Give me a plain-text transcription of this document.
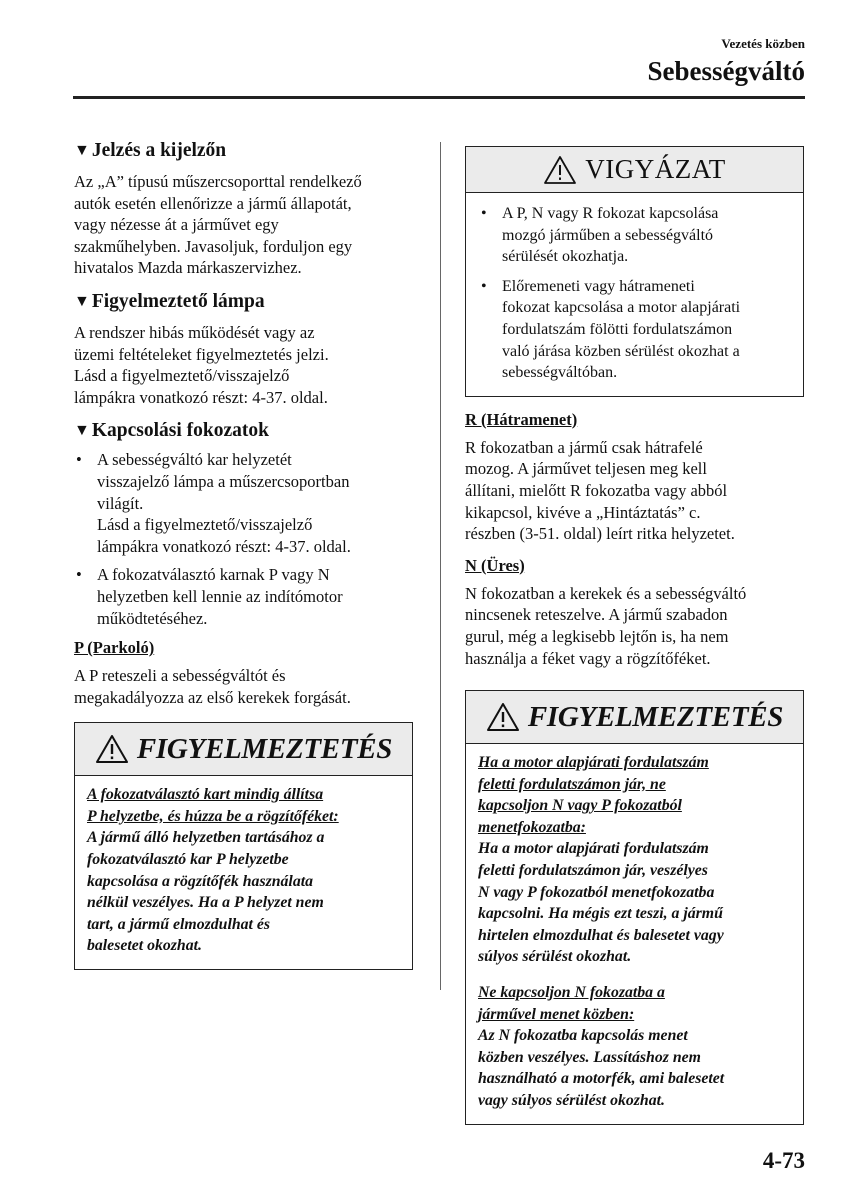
Vezetés közben
Sebességváltó
▼ Jelzés a kijelzőn
Az „A” típusú műszercsoporttal rendelkező
autók esetén ellenőrizze a jármű állapotát,
vagy nézesse át a járművet egy
szakműhelyben. Javasoljuk, forduljon egy
hivatalos Mazda márkaszervizhez.
▼ Figyelmeztető lámpa
A rendszer hibás működését vagy az
üzemi feltételeket figyelmeztetés jelzi.
Lásd a figyelmeztető/visszajelző
lámpákra vonatkozó részt: 4-37. oldal.
▼ Kapcsolási fokozatok
• A sebességváltó kar helyzetét
visszajelző lámpa a műszercsoportban
világít.
Lásd a figyelmeztető/visszajelző
lámpákra vonatkozó részt: 4-37. oldal.
• A fokozatválasztó karnak P vagy N
helyzetben kell lennie az indítómotor
működtetéséhez.
P (Parkoló)
A P reteszeli a sebességváltót és
megakadályozza az első kerekek forgását.
FIGYELMEZTETÉS
A fokozatválasztó kart mindig állítsa
P helyzetbe, és húzza be a rögzítőféket:
A jármű álló helyzetben tartásához a
fokozatválasztó kar P helyzetbe
kapcsolása a rögzítőfék használata
nélkül veszélyes. Ha a P helyzet nem
tart, a jármű elmozdulhat és
balesetet okozhat.
VIGYÁZAT
• A P, N vagy R fokozat kapcsolása
mozgó járműben a sebességváltó
sérülését okozhatja.
• Előremeneti vagy hátrameneti
fokozat kapcsolása a motor alapjárati
fordulatszám fölötti fordulatszámon
való járása közben sérülést okozhat a
sebességváltóban.
R (Hátramenet)
R fokozatban a jármű csak hátrafelé
mozog. A járművet teljesen meg kell
állítani, mielőtt R fokozatba vagy abból
kikapcsol, kivéve a „Hintáztatás” c.
részben (3-51. oldal) leírt ritka helyzetet.
N (Üres)
N fokozatban a kerekek és a sebességváltó
nincsenek reteszelve. A jármű szabadon
gurul, még a legkisebb lejtőn is, ha nem
használja a féket vagy a rögzítőféket.
FIGYELMEZTETÉS
Ha a motor alapjárati fordulatszám
feletti fordulatszámon jár, ne
kapcsoljon N vagy P fokozatból
menetfokozatba:
Ha a motor alapjárati fordulatszám
feletti fordulatszámon jár, veszélyes
N vagy P fokozatból menetfokozatba
kapcsolni. Ha mégis ezt teszi, a jármű
hirtelen elmozdulhat és balesetet vagy
súlyos sérülést okozhat.
Ne kapcsoljon N fokozatba a
járművel menet közben:
Az N fokozatba kapcsolás menet
közben veszélyes. Lassításhoz nem
használható a motorfék, ami balesetet
vagy súlyos sérülést okozhat.
4-73
